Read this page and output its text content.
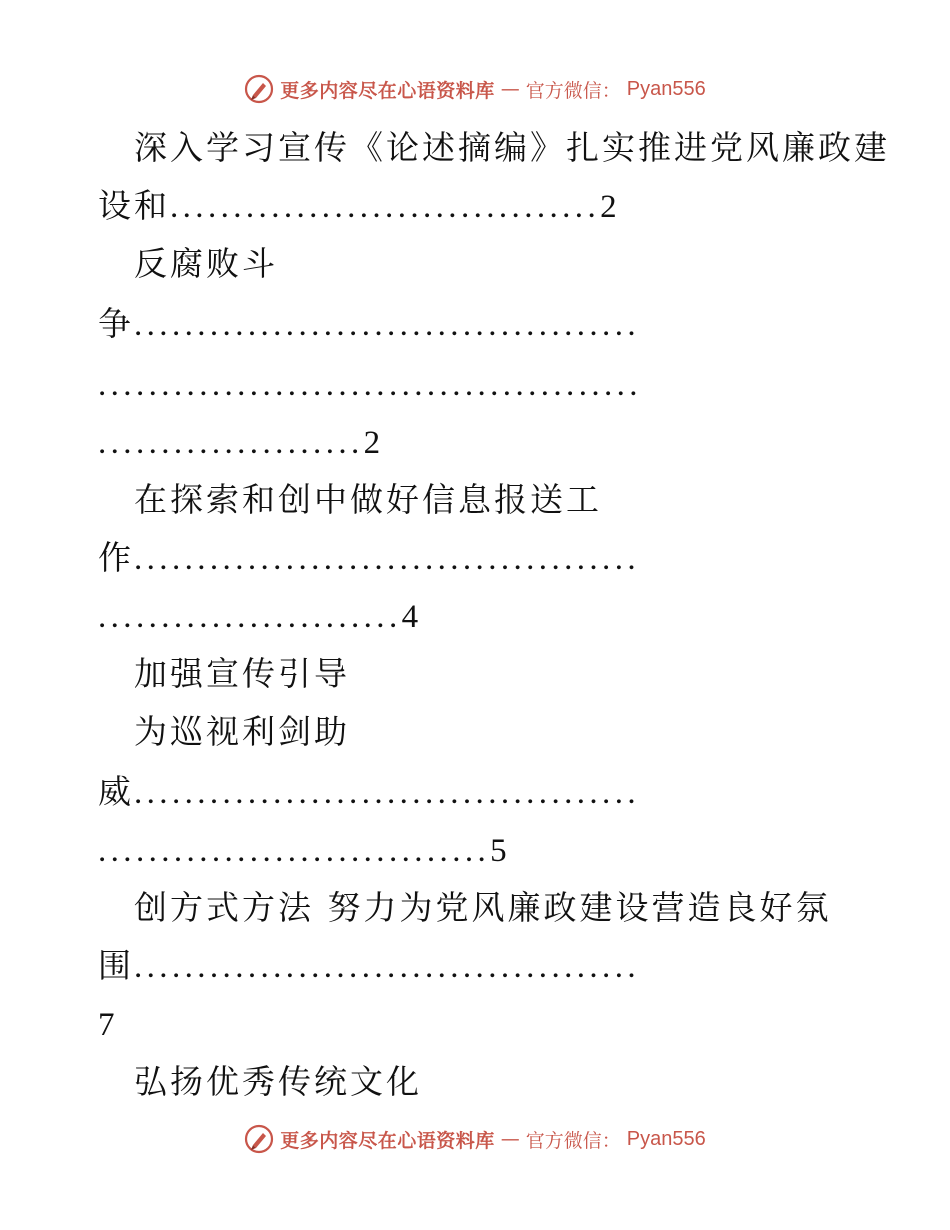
更多内容尽在心语资料库 — 官方微信： Pyan556
深入学习宣传《论述摘编》扎实推进党风廉政建
设和..................................2
反腐败斗
争........................................
...........................................
.....................2
在探索和创中做好信息报送工
作........................................
........................4
加强宣传引导
为巡视利剑助
威........................................
...............................5
创方式方法 努力为党风廉政建设营造良好氛
围........................................
7
弘扬优秀传统文化
更多内容尽在心语资料库 — 官方微信： Pyan556
